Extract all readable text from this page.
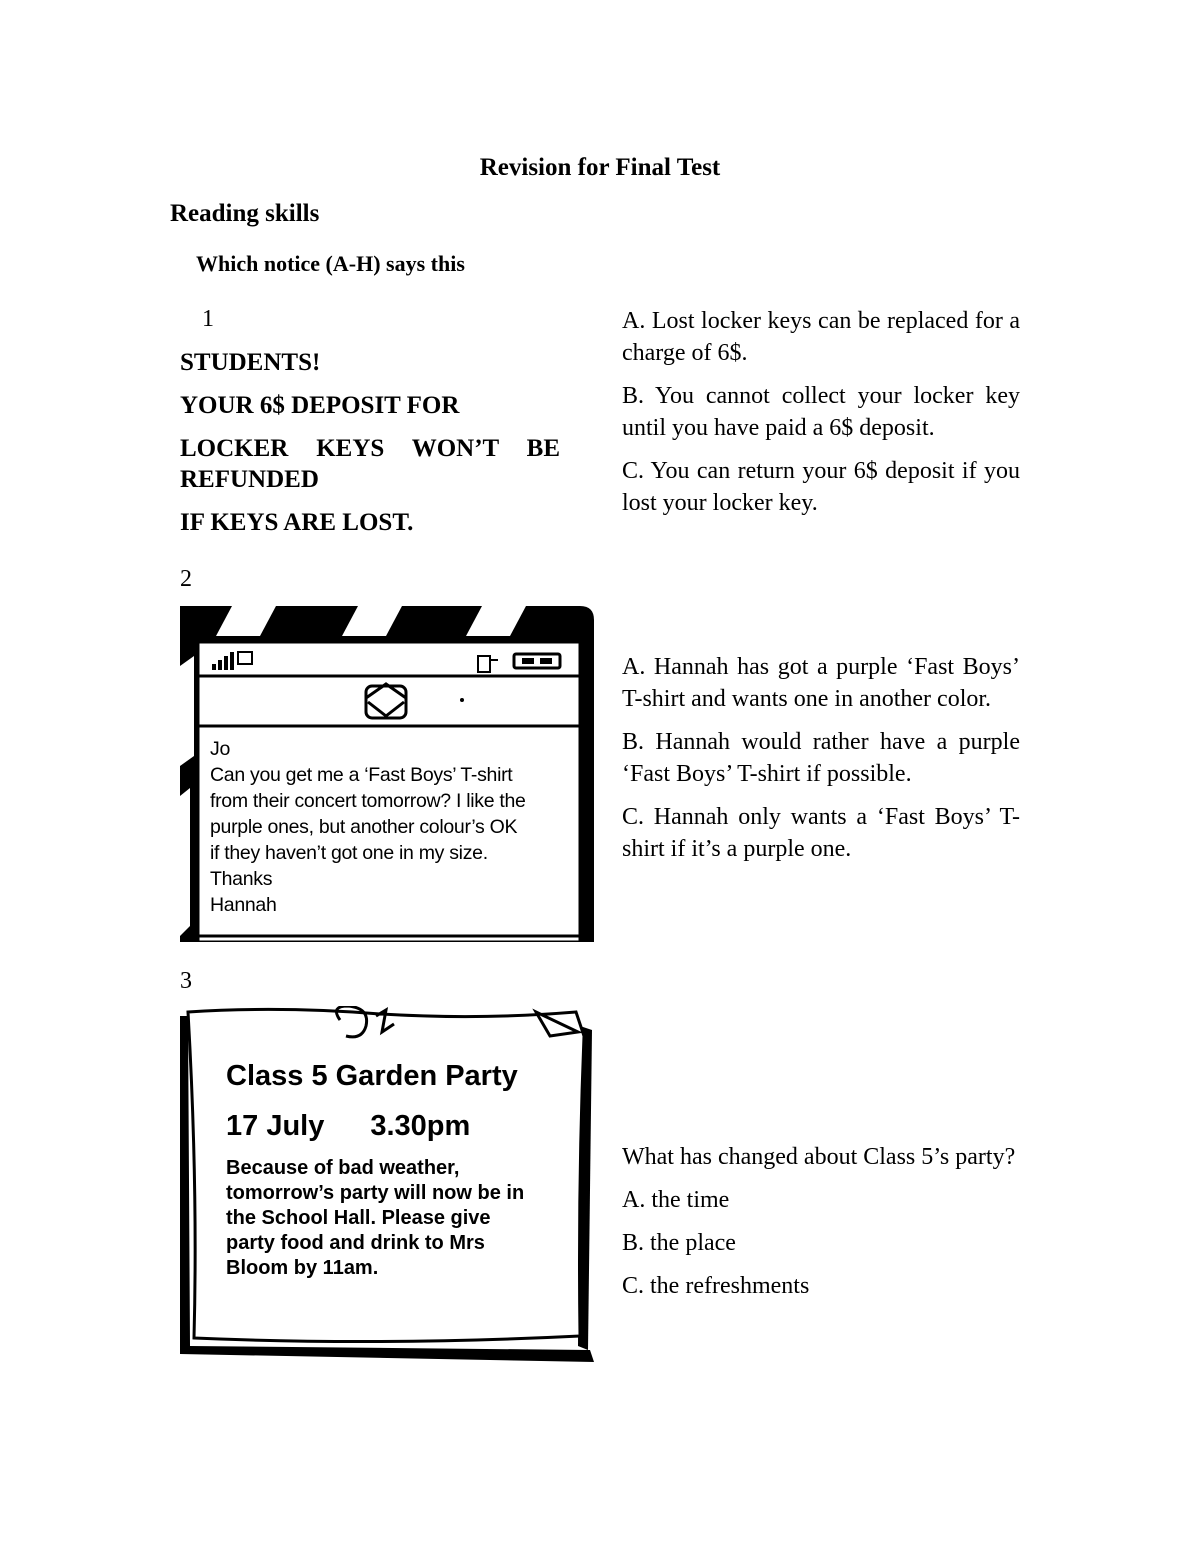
Revision for Final Test
Reading skills
Which notice (A-H) says this
1

STUDENTS!

YOUR 6$ DEPOSIT FOR

LOCKER KEYS WON’T BE REFUNDED

IF KEYS ARE LOST.

A. Lost locker keys can be replaced for a charge of 6$.

B. You cannot collect your locker key until you have paid a 6$ deposit.

C. You can return your 6$ deposit if you lost your locker key.

2
Jo
Can you get me a ‘Fast Boys’ T-shirt
from their concert tomorrow? I like the
purple ones, but another colour’s OK
if they haven’t got one in my size.
Thanks
Hannah

A. Hannah has got a purple ‘Fast Boys’ T-shirt and wants one in another color.

B. Hannah would rather have a purple ‘Fast Boys’ T-shirt if possible.

C. Hannah only wants a ‘Fast Boys’ T-shirt if it’s a purple one.

3
Class 5 Garden Party
17 July 3.30pm
Because of bad weather,
tomorrow’s party will now be in
the School Hall. Please give
party food and drink to Mrs
Bloom by 11am.

What has changed about Class 5’s party?

A. the time

B. the place

C. the refreshments
